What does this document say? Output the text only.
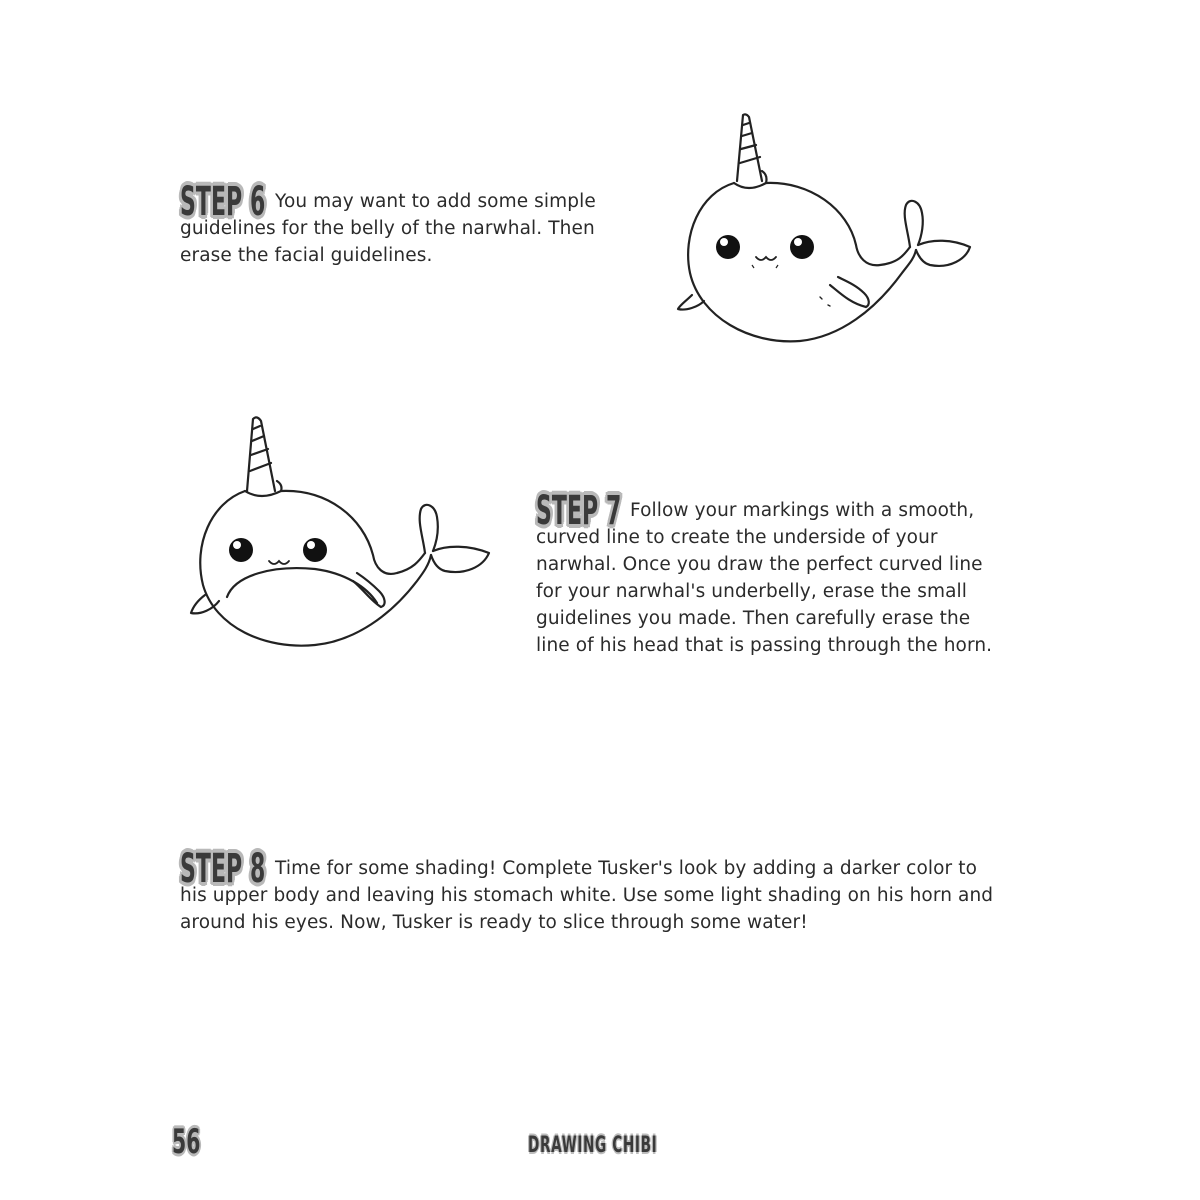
STEP 6 You may want to add some simple guidelines for the belly of the narwhal. Then erase the facial guidelines.

STEP 7 Follow your markings with a smooth, curved line to create the underside of your narwhal. Once you draw the perfect curved line for your narwhal's underbelly, erase the small guidelines you made. Then carefully erase the line of his head that is passing through the horn.

STEP 8 Time for some shading! Complete Tusker's look by adding a darker color to his upper body and leaving his stomach white. Use some light shading on his horn and around his eyes. Now, Tusker is ready to slice through some water!

56	DRAWING CHIBI
